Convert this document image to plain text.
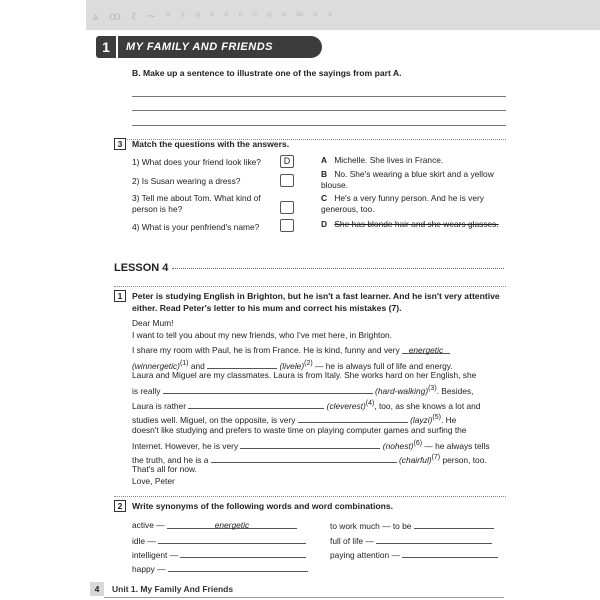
ѧ ꝏ ℓ ~ ᵃ ʸ ᵍ ᵉ ᶜ ᵉ ᶜ ᵍ ᵘ ᵐ ᵉ ˣ
1	MY FAMILY AND FRIENDS
B. Make up a sentence to illustrate one of the sayings from part A.
3	Match the questions with the answers.
1) What does your friend look like?	D
2) Is Susan wearing a dress?
3) Tell me about Tom. What kind of person is he?
4) What is your penfriend's name?
A Michelle. She lives in France.
B No. She's wearing a blue skirt and a yellow blouse.
C He's a very funny person. And he is very generous, too.
D She has blonde hair and she wears glasses.
LESSON 4
1	Peter is studying English in Brighton, but he isn't a fast learner. And he isn't very attentive either. Read Peter's letter to his mum and correct his mistakes (7).
Dear Mum!
I want to tell you about my new friends, who I've met here, in Brighton.
I share my room with Paul, he is from France. He is kind, funny and very energetic
(winnergetic)$^{(1)}$ and	(livele)$^{(2)}$ — he is always full of life and energy.
Laura and Miguel are my classmates. Laura is from Italy. She works hard on her English, she
is really	(hard-walking)$^{(3)}$. Besides,
Laura is rather	(cleverest)$^{(4)}$, too, as she knows a lot and
studies well. Miguel, on the opposite, is very	(layzi)$^{(5)}$. He
doesn't like studying and prefers to waste time on playing computer games and surfing the
Internet. However, he is very	(nohest)$^{(6)}$ — he always tells
the truth, and he is a	(chairful)$^{(7)}$ person, too.
That's all for now.
Love, Peter
2	Write synonyms of the following words and word combinations.
active —	energetic
idle —
intelligent —
happy —
to work much — to be
full of life —
paying attention —
4	Unit 1. My Family And Friends
